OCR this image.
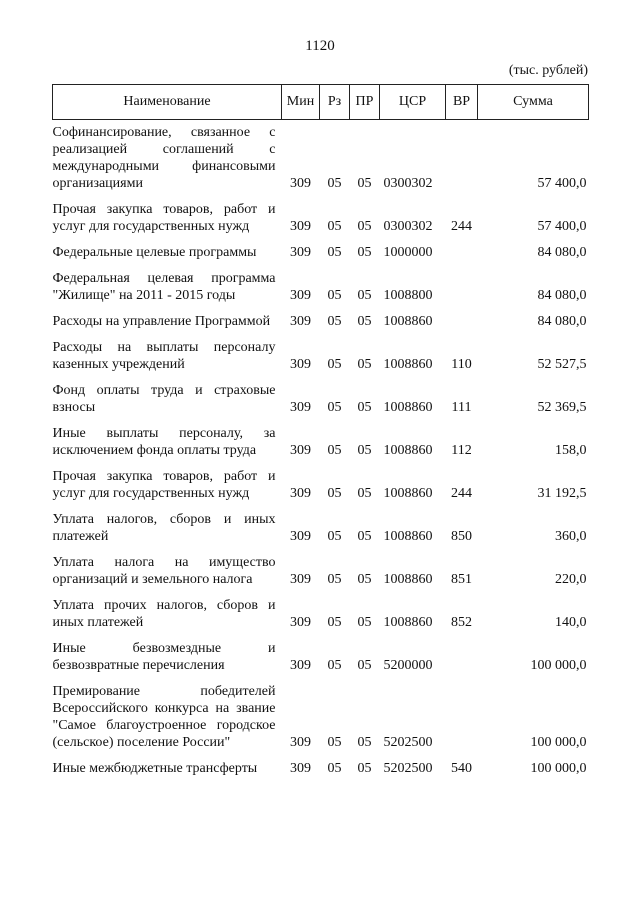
1120
(тыс. рублей)
Наименование	Мин	Рз	ПР	ЦСР	ВР	Сумма
Софинансирование, связанное с реализацией соглашений с международными финансовыми организациями	309	05	05	0300302		57 400,0
Прочая закупка товаров, работ и услуг для государственных нужд	309	05	05	0300302	244	57 400,0
Федеральные целевые программы	309	05	05	1000000		84 080,0
Федеральная целевая программа "Жилище" на 2011 - 2015 годы	309	05	05	1008800		84 080,0
Расходы на управление Программой	309	05	05	1008860		84 080,0
Расходы на выплаты персоналу казенных учреждений	309	05	05	1008860	110	52 527,5
Фонд оплаты труда и страховые взносы	309	05	05	1008860	111	52 369,5
Иные выплаты персоналу, за исключением фонда оплаты труда	309	05	05	1008860	112	158,0
Прочая закупка товаров, работ и услуг для государственных нужд	309	05	05	1008860	244	31 192,5
Уплата налогов, сборов и иных платежей	309	05	05	1008860	850	360,0
Уплата налога на имущество организаций и земельного налога	309	05	05	1008860	851	220,0
Уплата прочих налогов, сборов и иных платежей	309	05	05	1008860	852	140,0
Иные безвозмездные и безвозвратные перечисления	309	05	05	5200000		100 000,0
Премирование победителей Всероссийского конкурса на звание "Самое благоустроенное городское (сельское) поселение России"	309	05	05	5202500		100 000,0
Иные межбюджетные трансферты	309	05	05	5202500	540	100 000,0
